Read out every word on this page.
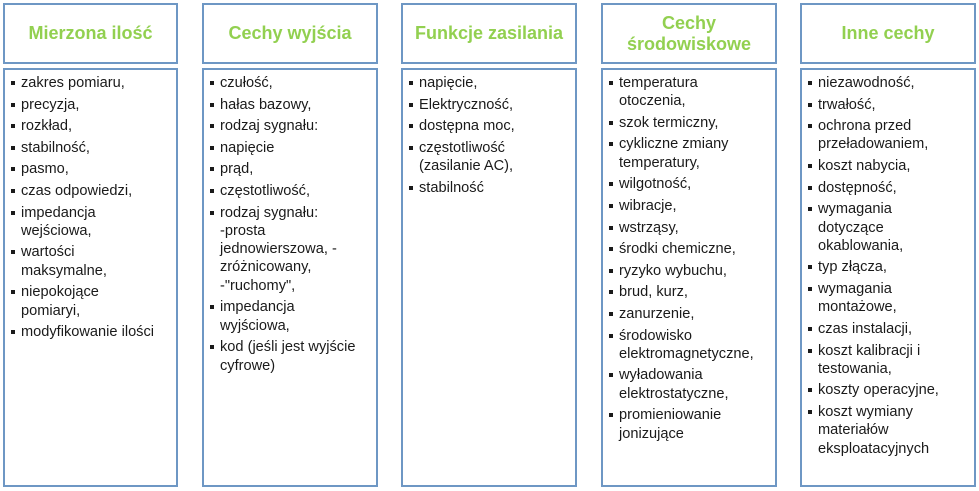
Mierzona ilość
zakres pomiaru,
precyzja,
rozkład,
stabilność,
pasmo,
czas odpowiedzi,
impedancja
wejściowa,
wartości
maksymalne,
niepokojące
pomiaryi,
modyfikowanie ilości
Cechy wyjścia
czułość,
hałas bazowy,
rodzaj sygnału:
napięcie
prąd,
częstotliwość,
rodzaj sygnału:
-prosta
jednowierszowa, -
zróżnicowany,
-"ruchomy",
impedancja
wyjściowa,
kod (jeśli jest wyjście
cyfrowe)
Funkcje zasilania
napięcie,
Elektryczność,
dostępna moc,
częstotliwość
(zasilanie AC),
stabilność
Cechy
środowiskowe
temperatura
otoczenia,
szok termiczny,
cykliczne zmiany
temperatury,
wilgotność,
wibracje,
wstrząsy,
środki chemiczne,
ryzyko wybuchu,
brud, kurz,
zanurzenie,
środowisko
elektromagnetyczne,
wyładowania
elektrostatyczne,
promieniowanie
jonizujące
Inne cechy
niezawodność,
trwałość,
ochrona przed
przeładowaniem,
koszt nabycia,
dostępność,
wymagania
dotyczące
okablowania,
typ złącza,
wymagania
montażowe,
czas instalacji,
koszt kalibracji i
testowania,
koszty operacyjne,
koszt wymiany
materiałów
eksploatacyjnych
